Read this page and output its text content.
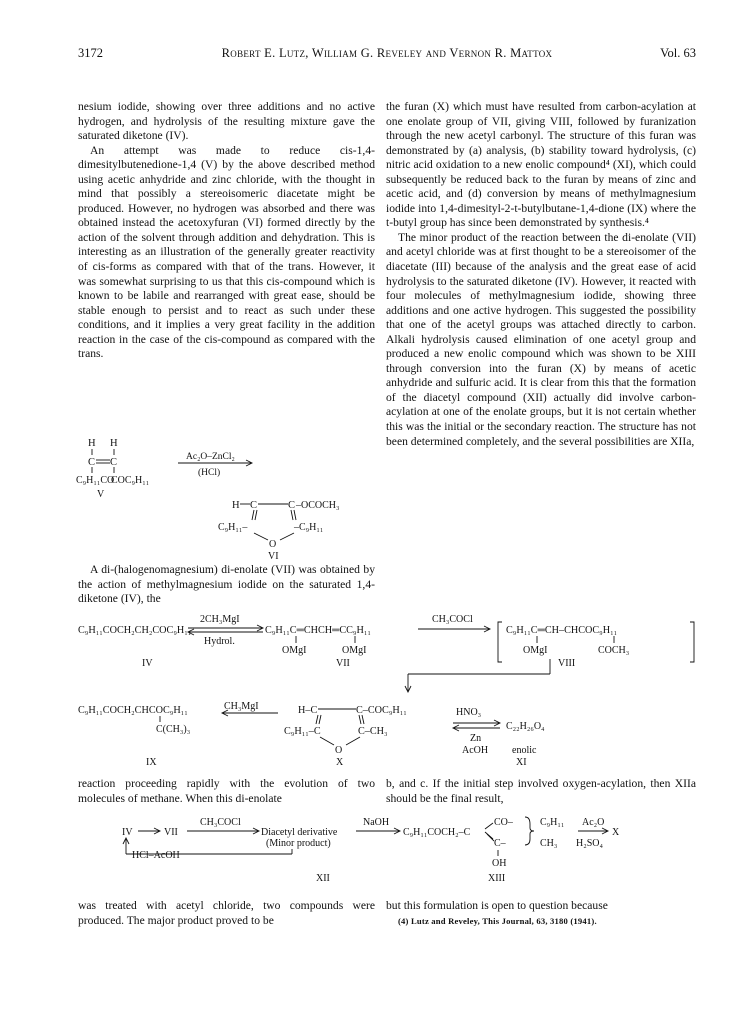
3172	Robert E. Lutz, William G. Reveley and Vernon R. Mattox	Vol. 63

nesium iodide, showing over three additions and no active hydrogen, and hydrolysis of the resulting mixture gave the saturated diketone (IV).

An attempt was made to reduce cis-1,4-dimesitylbutenedione-1,4 (V) by the above described method using acetic anhydride and zinc chloride, with the thought in mind that possibly a stereoisomeric diacetate might be produced. However, no hydrogen was absorbed and there was obtained instead the acetoxyfuran (VI) formed directly by the action of the solvent through addition and dehydration. This is interesting as an illustration of the generally greater reactivity of cis-forms as compared with that of the trans. However, it was somewhat surprising to us that this cis-compound which is known to be labile and rearranged with great ease, should be stable enough to persist and to react as such under these conditions, and it implies a very great facility in the addition reaction in the case of the cis-compound as compared with the trans.

A di-(halogenomagnesium) di-enolate (VII) was obtained by the action of methylmagnesium iodide on the saturated 1,4-diketone (IV), the

reaction proceeding rapidly with the evolution of two molecules of methane. When this di-enolate

was treated with acetyl chloride, two compounds were produced. The major product proved to be

the furan (X) which must have resulted from carbon-acylation at one enolate group of VII, giving VIII, followed by furanization through the new acetyl carbonyl. The structure of this furan was demonstrated by (a) analysis, (b) stability toward hydrolysis, (c) nitric acid oxidation to a new enolic compound⁴ (XI), which could subsequently be reduced back to the furan by means of zinc and acetic acid, and (d) conversion by means of methylmagnesium iodide into 1,4-dimesityl-2-t-butylbutane-1,4-dione (IX) where the t-butyl group has since been demonstrated by synthesis.⁴

The minor product of the reaction between the di-enolate (VII) and acetyl chloride was at first thought to be a stereoisomer of the diacetate (III) because of the analysis and the great ease of acid hydrolysis to the saturated diketone (IV). However, it reacted with four molecules of methylmagnesium iodide, showing three additions and one active hydrogen. This suggested the possibility that one of the acetyl groups was attached directly to carbon. Alkali hydrolysis caused elimination of one acetyl group and produced a new enolic compound which was shown to be XIII through conversion into the furan (X) by means of acetic anhydride and sulfuric acid. It is clear from this that the formation of the diacetyl compound (XII) actually did involve carbon-acylation at one of the enolate groups, but it is not certain whether this was the initial or the secondary reaction. The structure has not been determined completely, and the several possibilities are XIIa,

b, and c. If the initial step involved oxygen-acylation, then XIIa should be the final result,

but this formulation is open to question because

(4) Lutz and Reveley, This Journal, 63, 3180 (1941).

H H
C C
C₉H₁₁CO
COC₉H₁₁
V
Ac₂O–ZnCl₂
(HCl)
H C	C –OCOCH₃
C₉H₁₁–	–C₉H₁₁
O
VI
2CH₃MgI
Hydrol.
C₉H₁₁COCH₂CH₂COC₉H₁₁	C₉H₁₁C═CHCH═CC₉H₁₁
OMgI	OMgI
CH₃COCl
C₉H₁₁C═CH–CHCOC₉H₁₁
OMgI	COCH₃
IV	VII	VIII
C₉H₁₁COCH₂CHCOC₉H₁₁
C(CH₃)₃
CH₃MgI	H–C	C–COC₉H₁₁
C₉H₁₁–C	C–CH₃
O
HNO₃
C₂₂H₂₆O₄
Zn
AcOH enolic
IX	X	XI
IV	VII
CH₃COCl
Diacetyl derivative
(Minor product)
HCl–AcOH
NaOH
C₉H₁₁COCH₂–C
CO–
C–
C₉H₁₁
CH₃
Ac₂O
X
H₂SO₄
OH
XII	XIII
